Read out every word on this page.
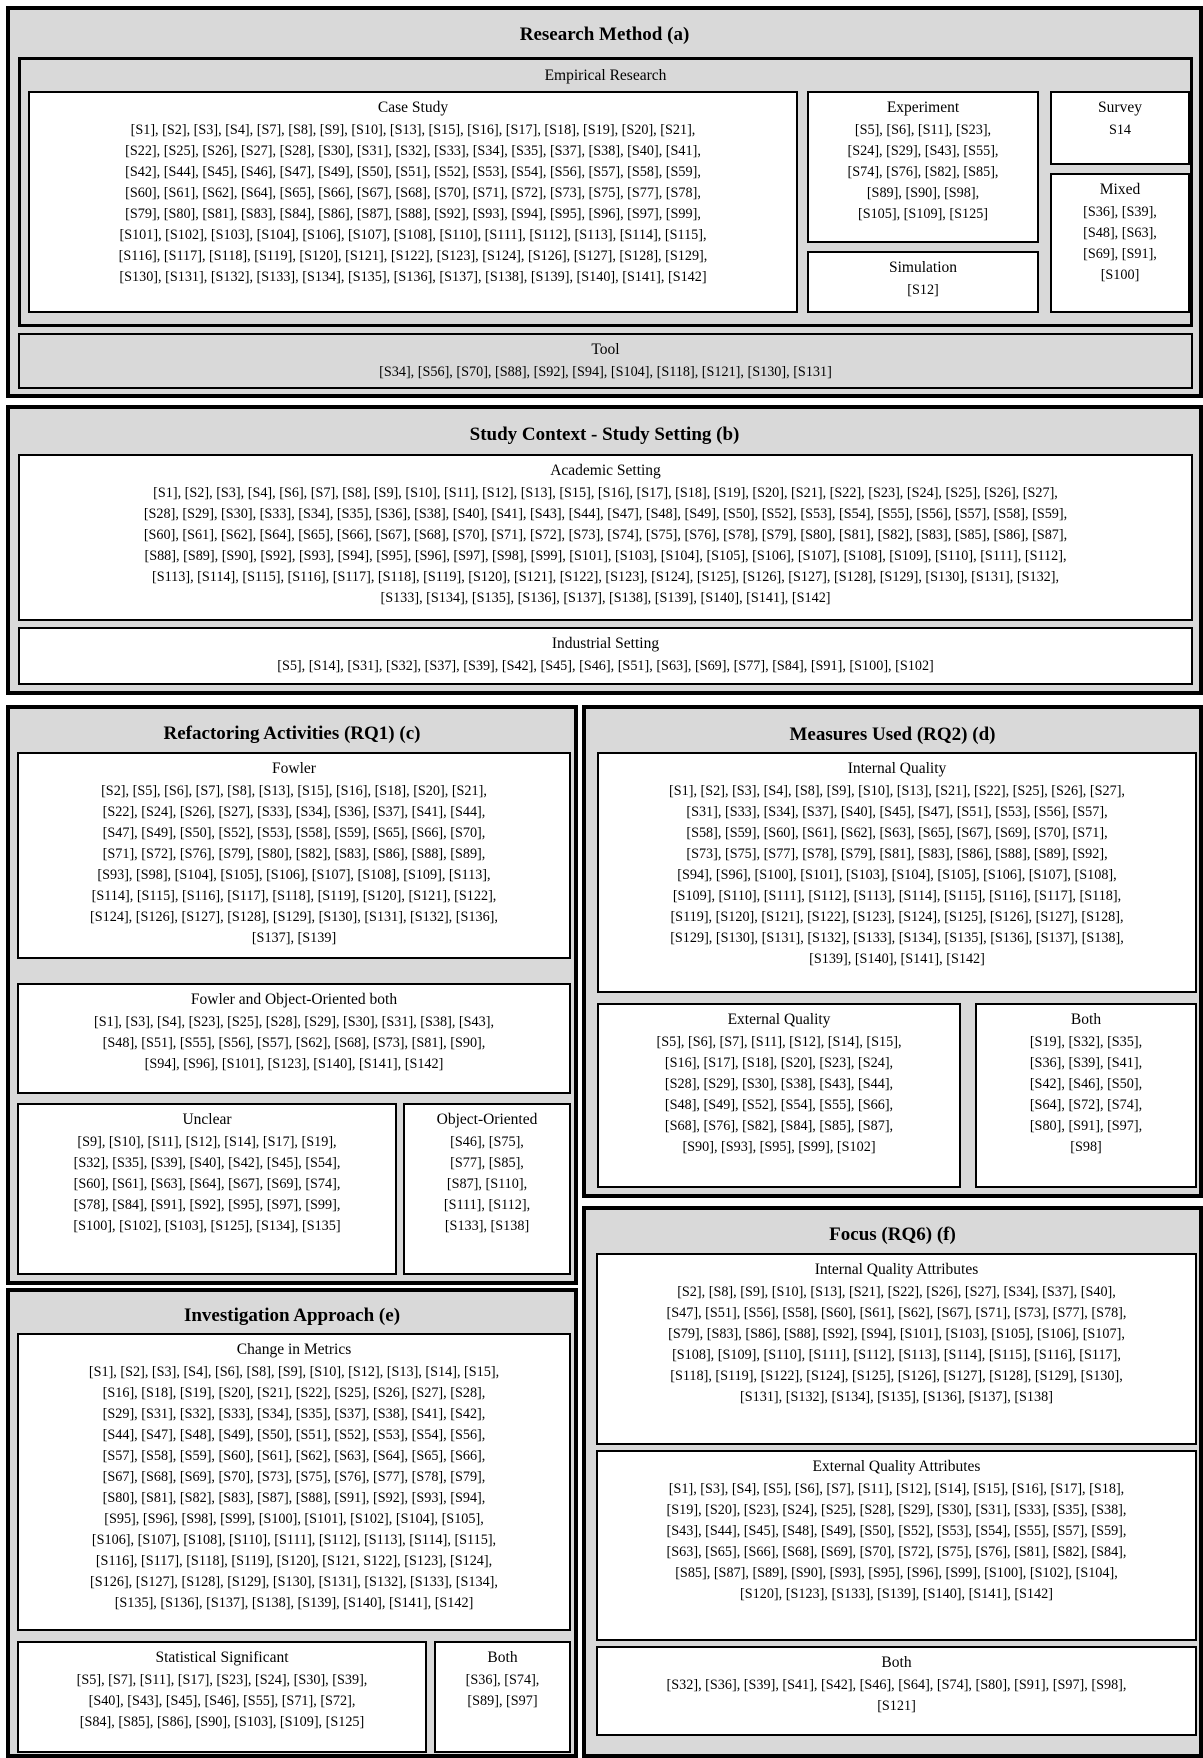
Research Method (a)
Empirical Research
Case Study
[S1], [S2], [S3], [S4], [S7], [S8], [S9], [S10], [S13], [S15], [S16], [S17], [S18], [S19], [S20], [S21],
[S22], [S25], [S26], [S27], [S28], [S30], [S31], [S32], [S33], [S34], [S35], [S37], [S38], [S40], [S41],
[S42], [S44], [S45], [S46], [S47], [S49], [S50], [S51], [S52], [S53], [S54], [S56], [S57], [S58], [S59],
[S60], [S61], [S62], [S64], [S65], [S66], [S67], [S68], [S70], [S71], [S72], [S73], [S75], [S77], [S78],
[S79], [S80], [S81], [S83], [S84], [S86], [S87], [S88], [S92], [S93], [S94], [S95], [S96], [S97], [S99],
[S101], [S102], [S103], [S104], [S106], [S107], [S108], [S110], [S111], [S112], [S113], [S114], [S115],
[S116], [S117], [S118], [S119], [S120], [S121], [S122], [S123], [S124], [S126], [S127], [S128], [S129],
[S130], [S131], [S132], [S133], [S134], [S135], [S136], [S137], [S138], [S139], [S140], [S141], [S142]
Experiment
[S5], [S6], [S11], [S23],
[S24], [S29], [S43], [S55],
[S74], [S76], [S82], [S85],
[S89], [S90], [S98],
[S105], [S109], [S125]
Simulation
[S12]
Survey
S14
Mixed
[S36], [S39],
[S48], [S63],
[S69], [S91],
[S100]
Tool
[S34], [S56], [S70], [S88], [S92], [S94], [S104], [S118], [S121], [S130], [S131]
Study Context - Study Setting (b)
Academic Setting
[S1], [S2], [S3], [S4], [S6], [S7], [S8], [S9], [S10], [S11], [S12], [S13], [S15], [S16], [S17], [S18], [S19], [S20], [S21], [S22], [S23], [S24], [S25], [S26], [S27],
[S28], [S29], [S30], [S33], [S34], [S35], [S36], [S38], [S40], [S41], [S43], [S44], [S47], [S48], [S49], [S50], [S52], [S53], [S54], [S55], [S56], [S57], [S58], [S59],
[S60], [S61], [S62], [S64], [S65], [S66], [S67], [S68], [S70], [S71], [S72], [S73], [S74], [S75], [S76], [S78], [S79], [S80], [S81], [S82], [S83], [S85], [S86], [S87],
[S88], [S89], [S90], [S92], [S93], [S94], [S95], [S96], [S97], [S98], [S99], [S101], [S103], [S104], [S105], [S106], [S107], [S108], [S109], [S110], [S111], [S112],
[S113], [S114], [S115], [S116], [S117], [S118], [S119], [S120], [S121], [S122], [S123], [S124], [S125], [S126], [S127], [S128], [S129], [S130], [S131], [S132],
[S133], [S134], [S135], [S136], [S137], [S138], [S139], [S140], [S141], [S142]
Industrial Setting
[S5], [S14], [S31], [S32], [S37], [S39], [S42], [S45], [S46], [S51], [S63], [S69], [S77], [S84], [S91], [S100], [S102]
Refactoring Activities (RQ1) (c)
Fowler
[S2], [S5], [S6], [S7], [S8], [S13], [S15], [S16], [S18], [S20], [S21],
[S22], [S24], [S26], [S27], [S33], [S34], [S36], [S37], [S41], [S44],
[S47], [S49], [S50], [S52], [S53], [S58], [S59], [S65], [S66], [S70],
[S71], [S72], [S76], [S79], [S80], [S82], [S83], [S86], [S88], [S89],
[S93], [S98], [S104], [S105], [S106], [S107], [S108], [S109], [S113],
[S114], [S115], [S116], [S117], [S118], [S119], [S120], [S121], [S122],
[S124], [S126], [S127], [S128], [S129], [S130], [S131], [S132], [S136],
[S137], [S139]
Fowler and Object-Oriented both
[S1], [S3], [S4], [S23], [S25], [S28], [S29], [S30], [S31], [S38], [S43],
[S48], [S51], [S55], [S56], [S57], [S62], [S68], [S73], [S81], [S90],
[S94], [S96], [S101], [S123], [S140], [S141], [S142]
Unclear
[S9], [S10], [S11], [S12], [S14], [S17], [S19],
[S32], [S35], [S39], [S40], [S42], [S45], [S54],
[S60], [S61], [S63], [S64], [S67], [S69], [S74],
[S78], [S84], [S91], [S92], [S95], [S97], [S99],
[S100], [S102], [S103], [S125], [S134], [S135]
Object-Oriented
[S46], [S75],
[S77], [S85],
[S87], [S110],
[S111], [S112],
[S133], [S138]
Measures Used (RQ2) (d)
Internal Quality
[S1], [S2], [S3], [S4], [S8], [S9], [S10], [S13], [S21], [S22], [S25], [S26], [S27],
[S31], [S33], [S34], [S37], [S40], [S45], [S47], [S51], [S53], [S56], [S57],
[S58], [S59], [S60], [S61], [S62], [S63], [S65], [S67], [S69], [S70], [S71],
[S73], [S75], [S77], [S78], [S79], [S81], [S83], [S86], [S88], [S89], [S92],
[S94], [S96], [S100], [S101], [S103], [S104], [S105], [S106], [S107], [S108],
[S109], [S110], [S111], [S112], [S113], [S114], [S115], [S116], [S117], [S118],
[S119], [S120], [S121], [S122], [S123], [S124], [S125], [S126], [S127], [S128],
[S129], [S130], [S131], [S132], [S133], [S134], [S135], [S136], [S137], [S138],
[S139], [S140], [S141], [S142]
External Quality
[S5], [S6], [S7], [S11], [S12], [S14], [S15],
[S16], [S17], [S18], [S20], [S23], [S24],
[S28], [S29], [S30], [S38], [S43], [S44],
[S48], [S49], [S52], [S54], [S55], [S66],
[S68], [S76], [S82], [S84], [S85], [S87],
[S90], [S93], [S95], [S99], [S102]
Both
[S19], [S32], [S35],
[S36], [S39], [S41],
[S42], [S46], [S50],
[S64], [S72], [S74],
[S80], [S91], [S97],
[S98]
Investigation Approach (e)
Change in Metrics
[S1], [S2], [S3], [S4], [S6], [S8], [S9], [S10], [S12], [S13], [S14], [S15],
[S16], [S18], [S19], [S20], [S21], [S22], [S25], [S26], [S27], [S28],
[S29], [S31], [S32], [S33], [S34], [S35], [S37], [S38], [S41], [S42],
[S44], [S47], [S48], [S49], [S50], [S51], [S52], [S53], [S54], [S56],
[S57], [S58], [S59], [S60], [S61], [S62], [S63], [S64], [S65], [S66],
[S67], [S68], [S69], [S70], [S73], [S75], [S76], [S77], [S78], [S79],
[S80], [S81], [S82], [S83], [S87], [S88], [S91], [S92], [S93], [S94],
[S95], [S96], [S98], [S99], [S100], [S101], [S102], [S104], [S105],
[S106], [S107], [S108], [S110], [S111], [S112], [S113], [S114], [S115],
[S116], [S117], [S118], [S119], [S120], [S121, S122], [S123], [S124],
[S126], [S127], [S128], [S129], [S130], [S131], [S132], [S133], [S134],
[S135], [S136], [S137], [S138], [S139], [S140], [S141], [S142]
Statistical Significant
[S5], [S7], [S11], [S17], [S23], [S24], [S30], [S39],
[S40], [S43], [S45], [S46], [S55], [S71], [S72],
[S84], [S85], [S86], [S90], [S103], [S109], [S125]
Both
[S36], [S74],
[S89], [S97]
Focus (RQ6) (f)
Internal Quality Attributes
[S2], [S8], [S9], [S10], [S13], [S21], [S22], [S26], [S27], [S34], [S37], [S40],
[S47], [S51], [S56], [S58], [S60], [S61], [S62], [S67], [S71], [S73], [S77], [S78],
[S79], [S83], [S86], [S88], [S92], [S94], [S101], [S103], [S105], [S106], [S107],
[S108], [S109], [S110], [S111], [S112], [S113], [S114], [S115], [S116], [S117],
[S118], [S119], [S122], [S124], [S125], [S126], [S127], [S128], [S129], [S130],
[S131], [S132], [S134], [S135], [S136], [S137], [S138]
External Quality Attributes
[S1], [S3], [S4], [S5], [S6], [S7], [S11], [S12], [S14], [S15], [S16], [S17], [S18],
[S19], [S20], [S23], [S24], [S25], [S28], [S29], [S30], [S31], [S33], [S35], [S38],
[S43], [S44], [S45], [S48], [S49], [S50], [S52], [S53], [S54], [S55], [S57], [S59],
[S63], [S65], [S66], [S68], [S69], [S70], [S72], [S75], [S76], [S81], [S82], [S84],
[S85], [S87], [S89], [S90], [S93], [S95], [S96], [S99], [S100], [S102], [S104],
[S120], [S123], [S133], [S139], [S140], [S141], [S142]
Both
[S32], [S36], [S39], [S41], [S42], [S46], [S64], [S74], [S80], [S91], [S97], [S98],
[S121]
